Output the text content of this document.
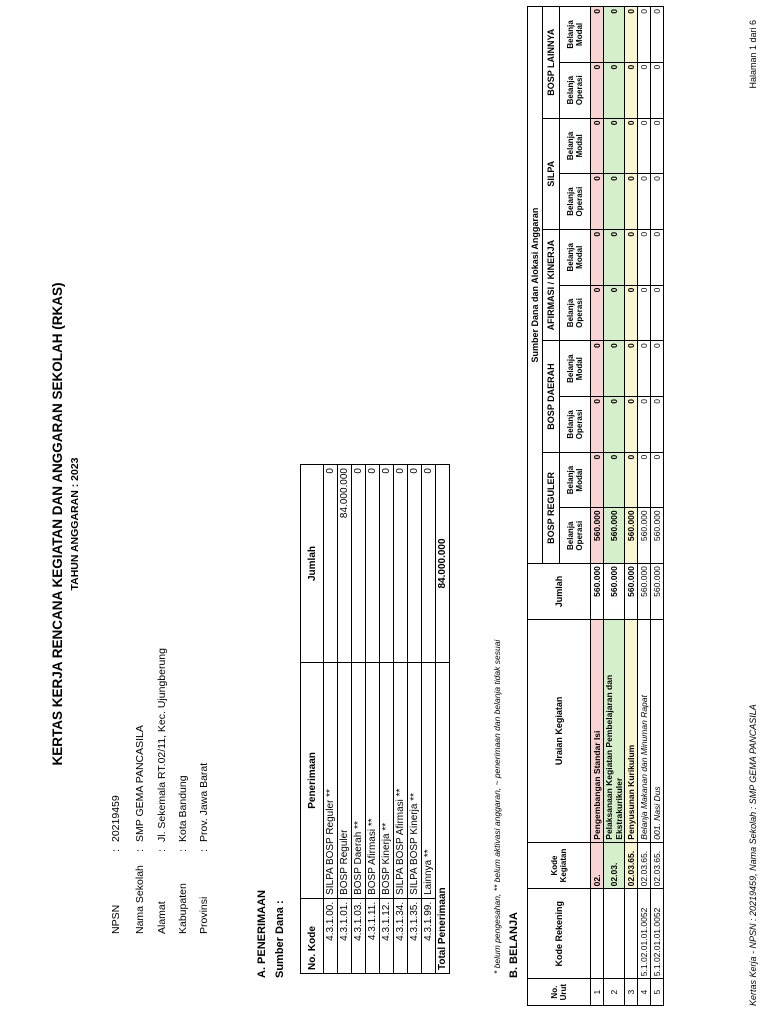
KERTAS KERJA RENCANA KEGIATAN DAN ANGGARAN SEKOLAH (RKAS) TAHUN ANGGARAN : 2023
NPSN
:
20219459
Nama Sekolah
:
SMP GEMA PANCASILA
Alamat
:
Jl. Sekemala RT.02/11, Kec. Ujungberung
Kabupaten
:
Kota Bandung
Provinsi
:
Prov. Jawa Barat
A. PENERIMAAN Sumber Dana : No. Kode	Penerimaan	Jumlah
4.3.1.00.	SILPA BOSP Reguler **	0
4.3.1.01.	BOSP Reguler	84.000.000
4.3.1.03.	BOSP Daerah **	0
4.3.1.11.	BOSP Afirmasi **	0
4.3.1.12.	BOSP Kinerja **	0
4.3.1.34.	SILPA BOSP Afirmasi **	0
4.3.1.35.	SILPA BOSP Kinerja **	0
4.3.1.99.	Lainnya **	0
Total Penerimaan		84.000.000
* belum pengesahan, ** belum aktivasi anggaran, ~ penerimaan dan belanja tidak sesuai B. BELANJA
No. Urut	Kode Rekening	Kode Kegiatan	Uraian Kegiatan	Jumlah	Sumber Dana dan Alokasi Anggaran									
					BOSP REGULER		BOSP DAERAH		AFIRMASI / KINERJA		SILPA		BOSP LAINNYA	
					Belanja Operasi	Belanja Modal	Belanja Operasi	Belanja Modal	Belanja Operasi	Belanja Modal	Belanja Operasi	Belanja Modal	Belanja Operasi	Belanja Modal
1		02.	Pengembangan Standar Isi	560.000	560.000	0	0	0	0	0	0	0	0	0
2		02.03.	Pelaksanaan Kegiatan Pembelajaran dan Ekstrakurikuler	560.000	560.000	0	0	0	0	0	0	0	0	0
3		02.03.65.	Penyusunan Kurikulum	560.000	560.000	0	0	0	0	0	0	0	0	0
4	5.1.02.01.01.0052	02.03.65.	Belanja Makanan dan Minuman Rapat	560.000	560.000	0	0	0	0	0	0	0	0	0
5	5.1.02.01.01.0052	02.03.65.	001. Nasi Dus	560.000	560.000	0	0	0	0	0	0	0	0	0
Kertas Kerja - NPSN : 20219459, Nama Sekolah : SMP GEMA PANCASILA
Halaman 1 dari 6
